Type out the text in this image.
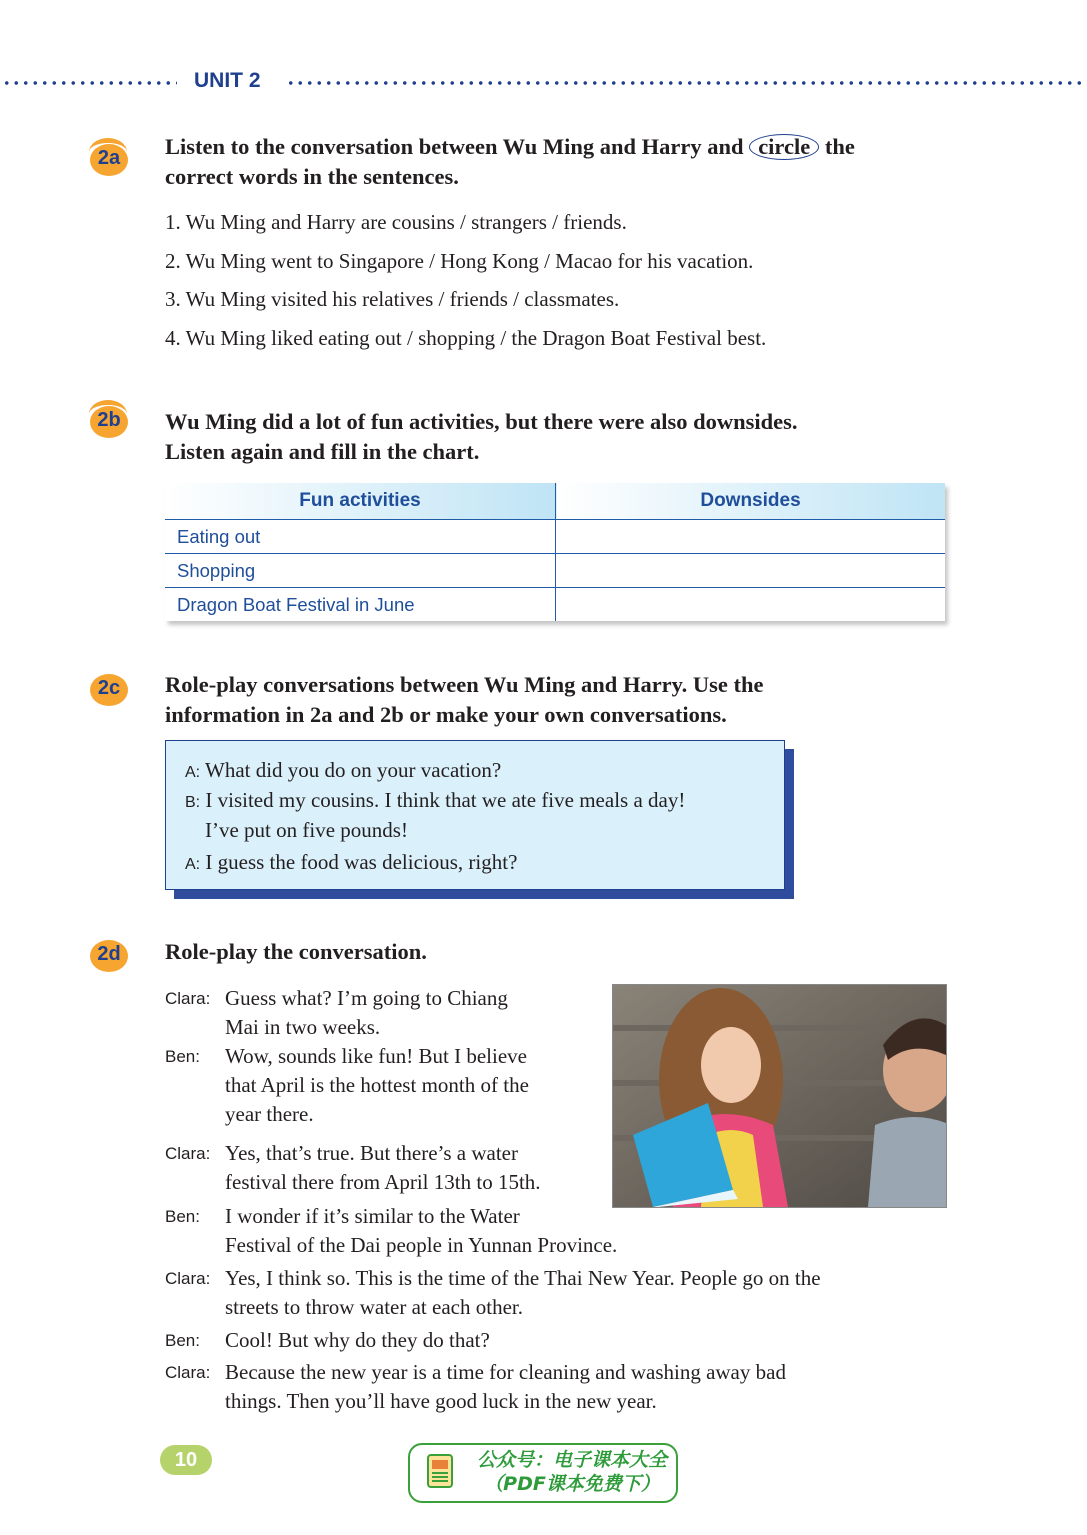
UNIT 2
2a	Listen to the conversation between Wu Ming and Harry and circle the
correct words in the sentences.
1. Wu Ming and Harry are cousins / strangers / friends.
2. Wu Ming went to Singapore / Hong Kong / Macao for his vacation.
3. Wu Ming visited his relatives / friends / classmates.
4. Wu Ming liked eating out / shopping / the Dragon Boat Festival best.
2b	Wu Ming did a lot of fun activities, but there were also downsides.
Listen again and fill in the chart.
Fun activities	Downsides
Eating out	
Shopping	
Dragon Boat Festival in June	
2c	Role-play conversations between Wu Ming and Harry. Use the
information in 2a and 2b or make your own conversations.
A: What did you do on your vacation?
B: I visited my cousins. I think that we ate five meals a day!
I’ve put on five pounds!
A: I guess the food was delicious, right?
2d	Role-play the conversation.
Clara: Guess what? I’m going to Chiang
Mai in two weeks.
Ben: Wow, sounds like fun! But I believe
that April is the hottest month of the
year there.
Clara: Yes, that’s true. But there’s a water
festival there from April 13th to 15th.
Ben: I wonder if it’s similar to the Water
Festival of the Dai people in Yunnan Province.
Clara: Yes, I think so. This is the time of the Thai New Year. People go on the
streets to throw water at each other.
Ben: Cool! But why do they do that?
Clara: Because the new year is a time for cleaning and washing away bad
things. Then you’ll have good luck in the new year.
10	公众号：电子课本大全
（PDF课本免费下）
